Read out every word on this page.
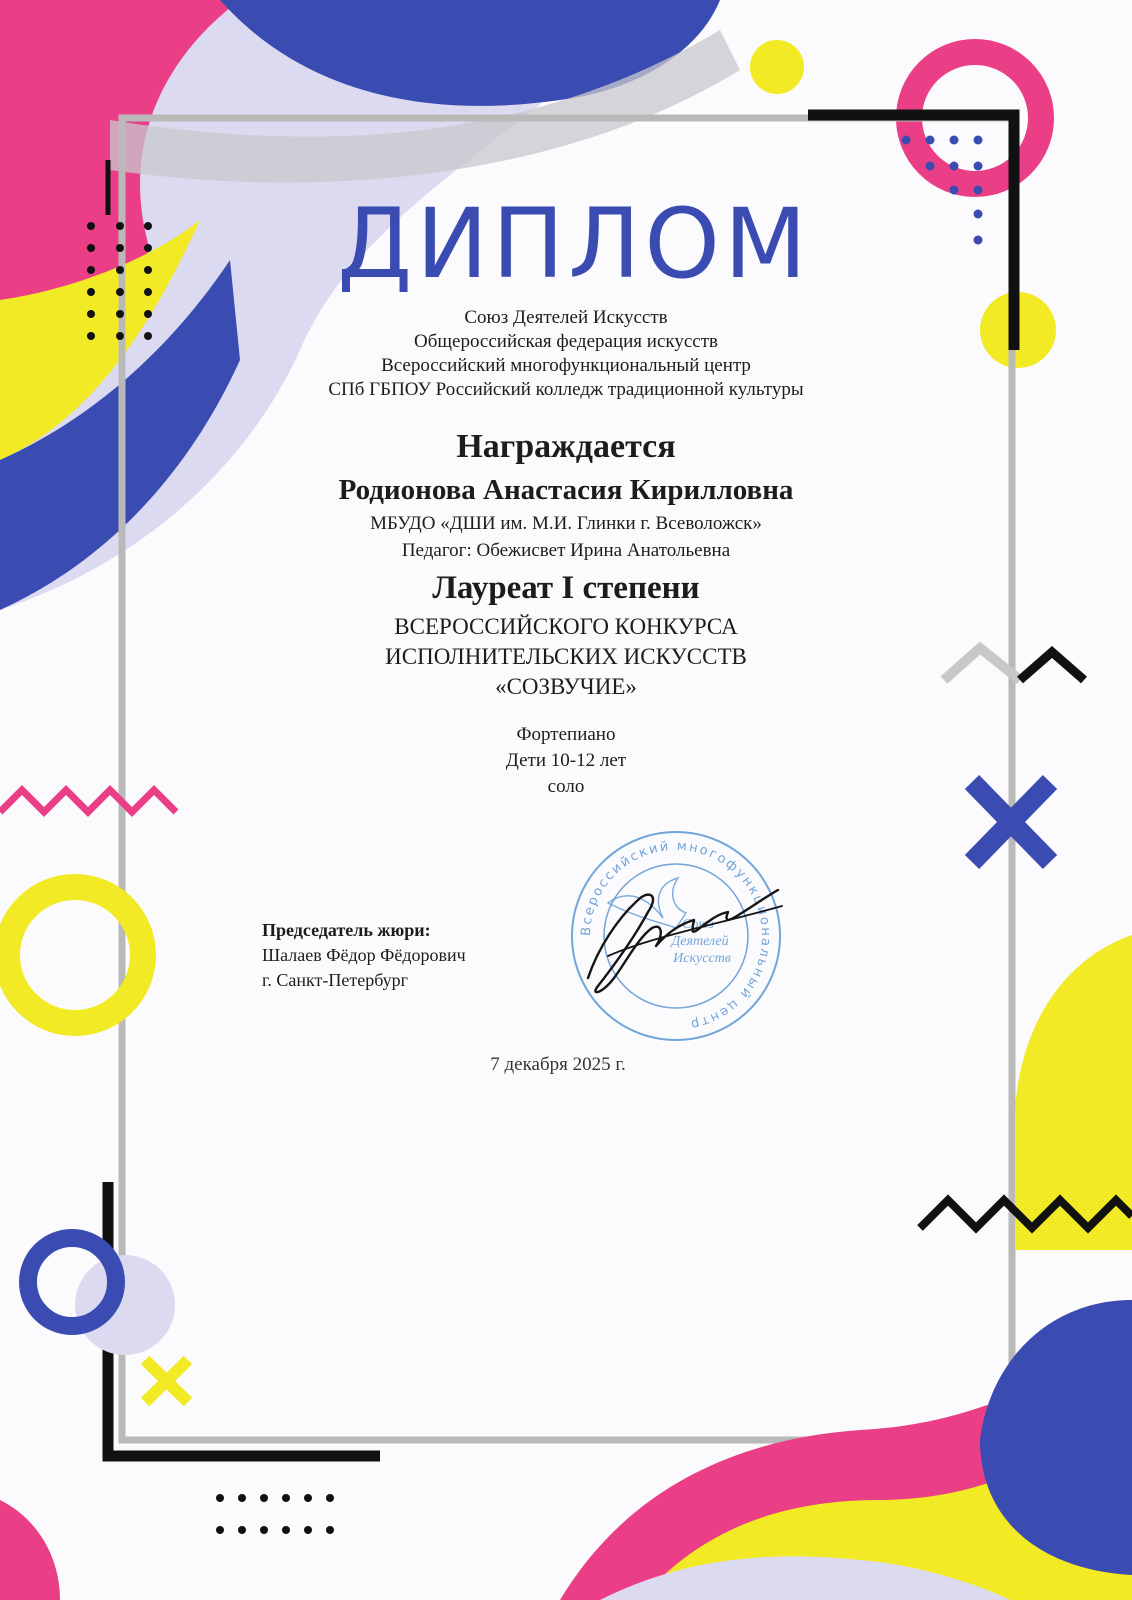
ДИПЛОМ
Союз Деятелей Искусств
Общероссийская федерация искусств
Всероссийский многофункциональный центр
СПб ГБПОУ Российский колледж традиционной культуры
Награждается
Родионова Анастасия Кирилловна
МБУДО «ДШИ им. М.И. Глинки г. Всеволожск»
Педагог: Обежисвет Ирина Анатольевна
Лауреат I степени
ВСЕРОССИЙСКОГО КОНКУРСА
ИСПОЛНИТЕЛЬСКИХ ИСКУССТВ
«СОЗВУЧИЕ»
Фортепиано
Дети 10-12 лет
соло
Председатель жюри:
Шалаев Фёдор Фёдорович
г. Санкт-Петербург
Всероссийский многофункциональный центр
Союз
Деятелей
Искусств
7 декабря 2025 г.
